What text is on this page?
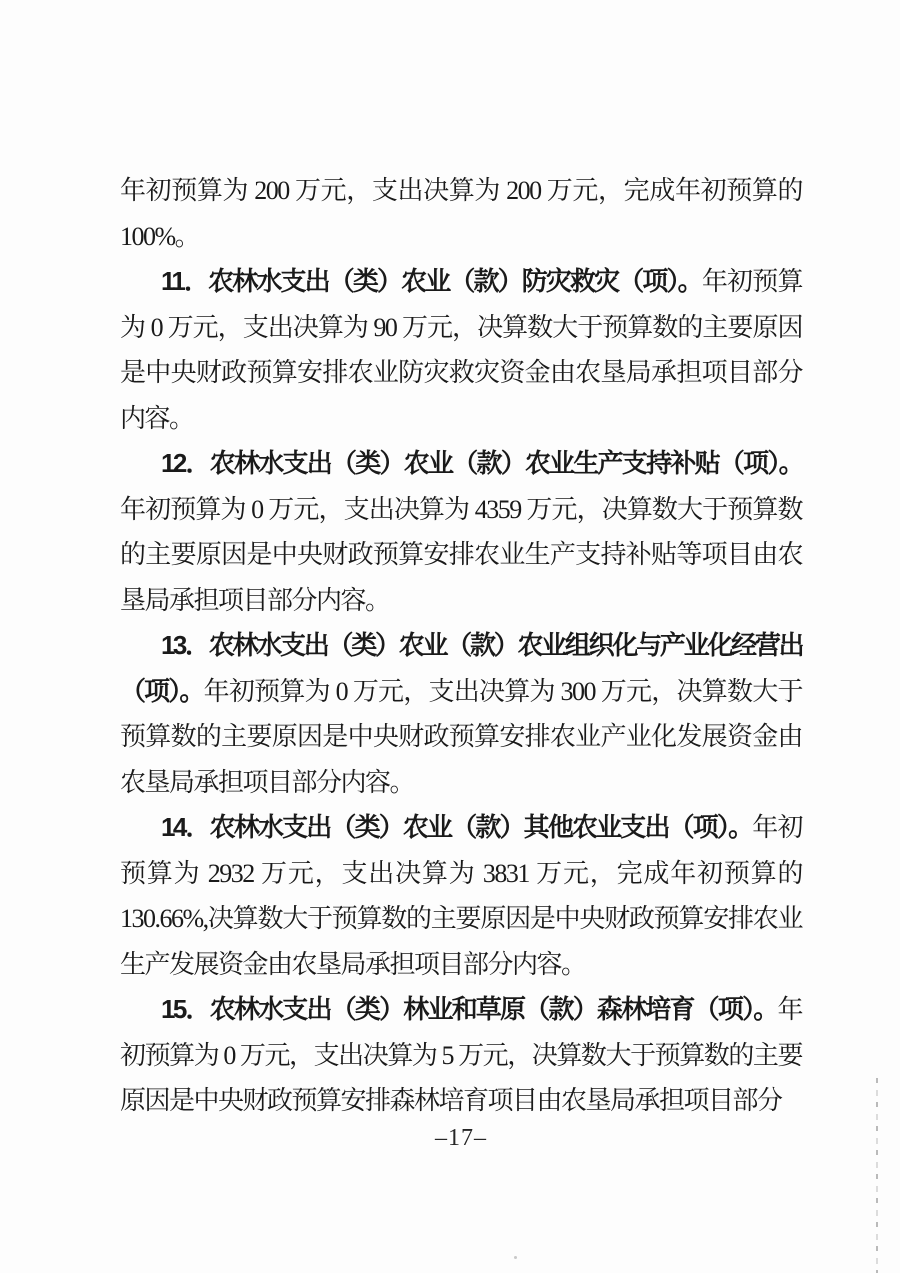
年初预算为 200 万元，支出决算为 200 万元，完成年初预算的 100%。

11．农林水支出（类）农业（款）防灾救灾（项）。年初预算为 0 万元，支出决算为 90 万元，决算数大于预算数的主要原因是中央财政预算安排农业防灾救灾资金由农垦局承担项目部分内容。

12．农林水支出（类）农业（款）农业生产支持补贴（项）。年初预算为 0 万元，支出决算为 4359 万元，决算数大于预算数的主要原因是中央财政预算安排农业生产支持补贴等项目由农垦局承担项目部分内容。

13．农林水支出（类）农业（款）农业组织化与产业化经营出（项）。年初预算为 0 万元，支出决算为 300 万元，决算数大于预算数的主要原因是中央财政预算安排农业产业化发展资金由农垦局承担项目部分内容。

14．农林水支出（类）农业（款）其他农业支出（项）。年初预算为 2932 万元，支出决算为 3831 万元，完成年初预算的 130.66%,决算数大于预算数的主要原因是中央财政预算安排农业生产发展资金由农垦局承担项目部分内容。

15．农林水支出（类）林业和草原（款）森林培育（项）。年初预算为 0 万元，支出决算为 5 万元，决算数大于预算数的主要原因是中央财政预算安排森林培育项目由农垦局承担项目部分

–17–
